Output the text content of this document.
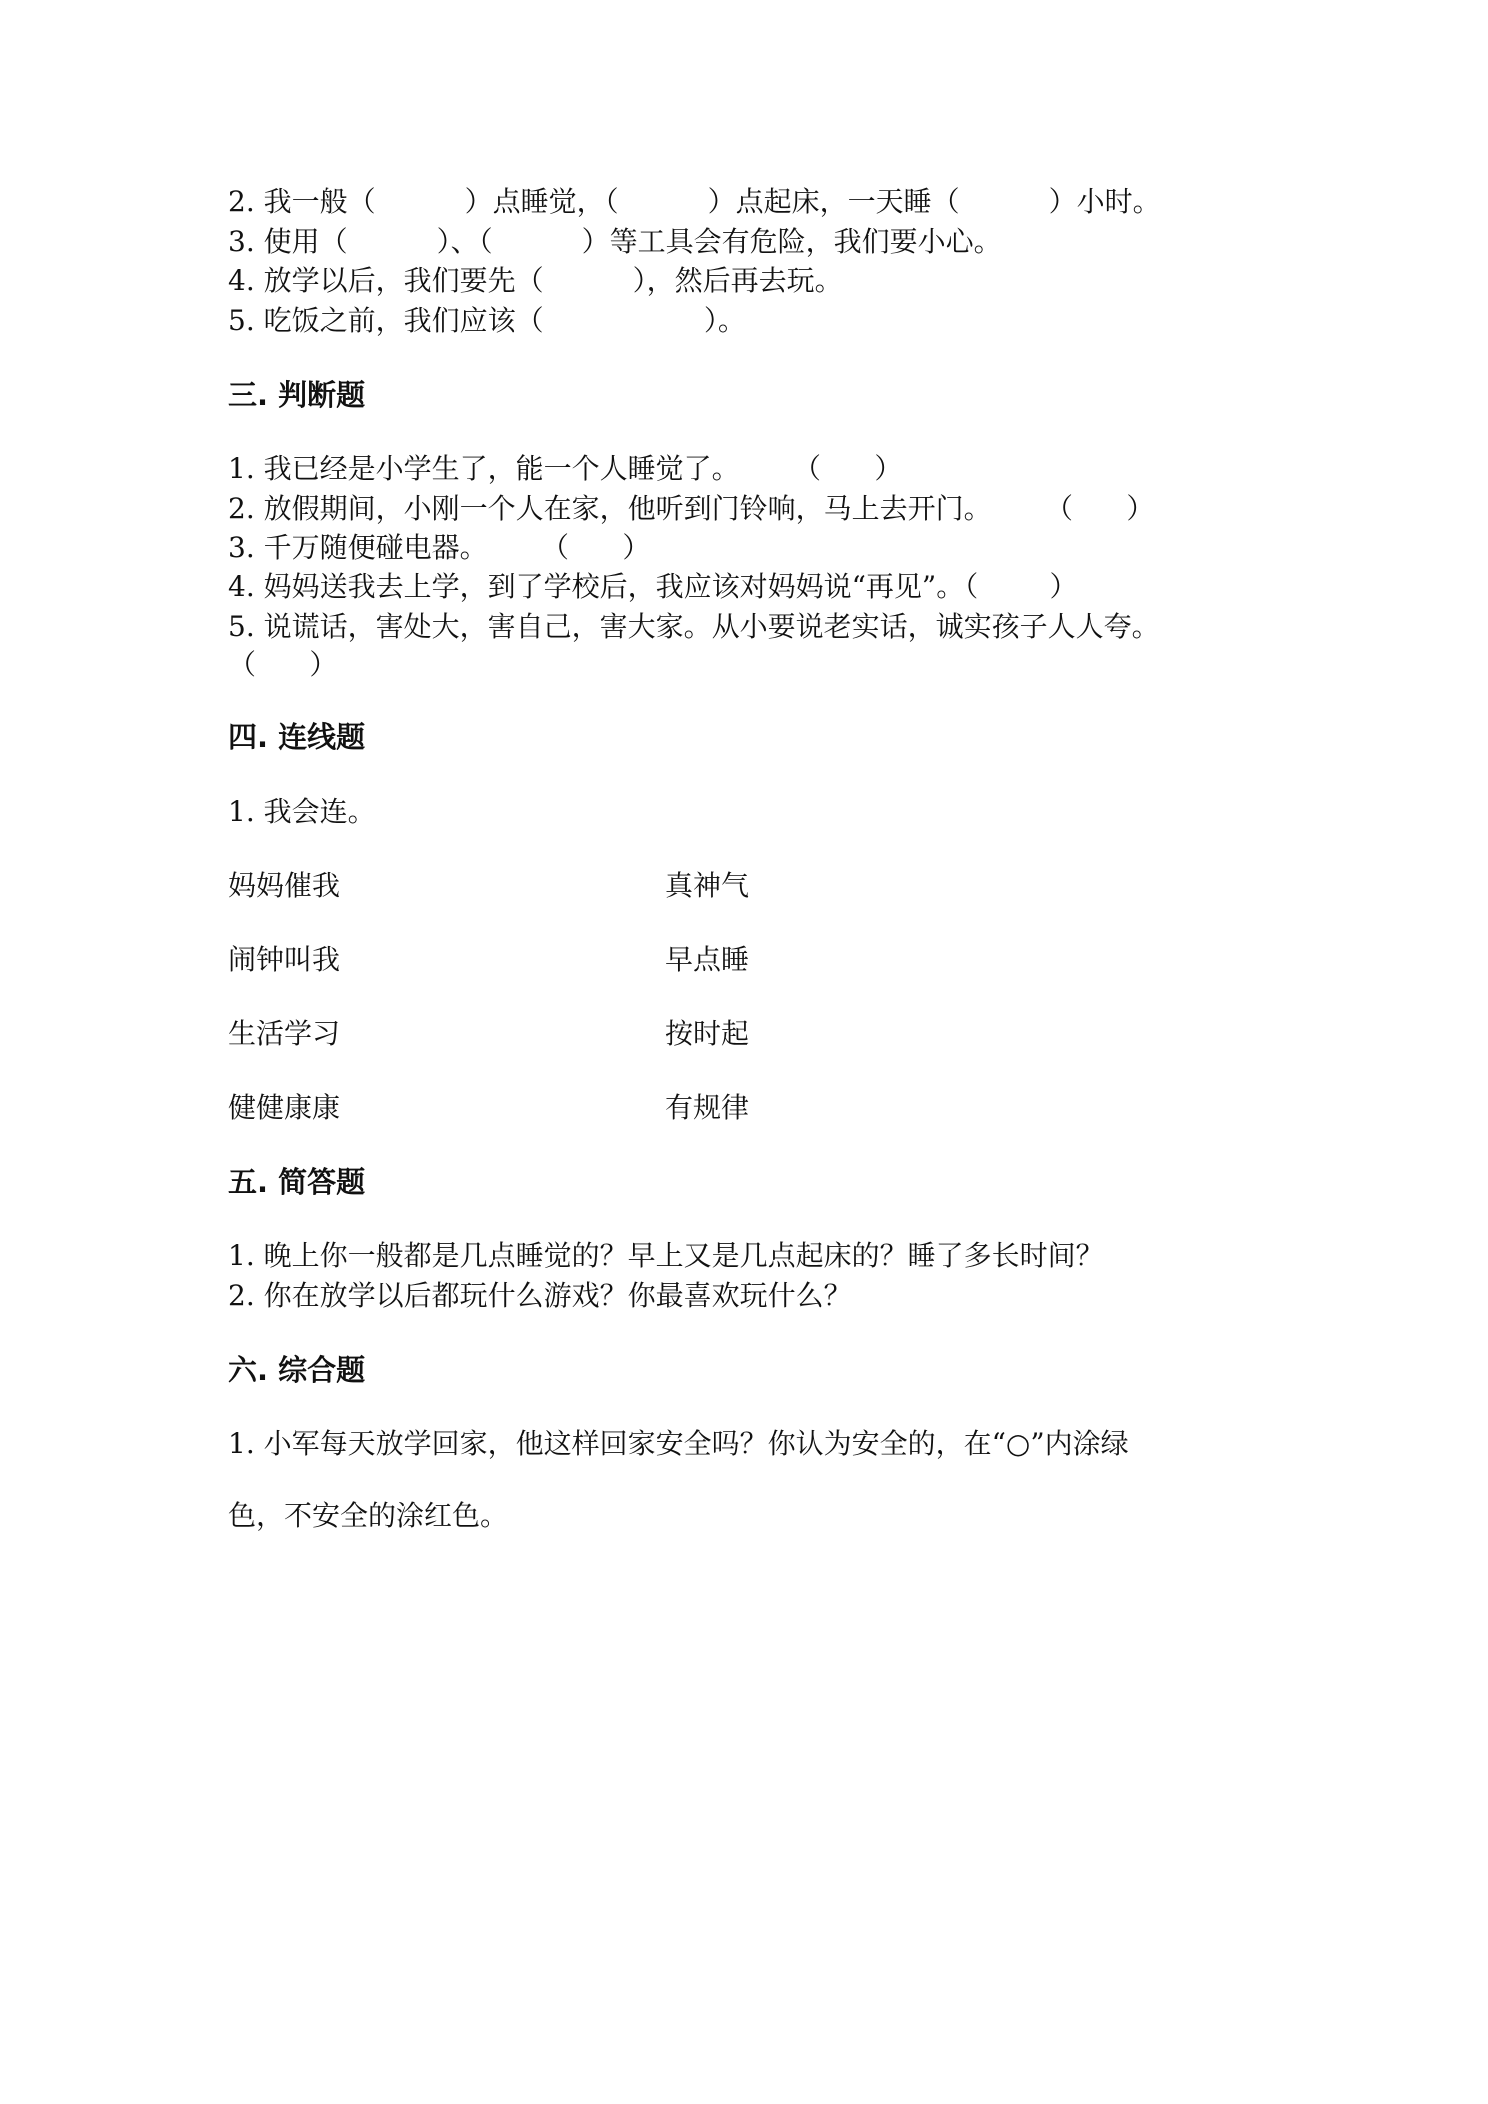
2. 我一般（          ）点睡觉，（          ）点起床，一天睡（          ）小时。
3. 使用（          ）、（          ）等工具会有危险，我们要小心。
4. 放学以后，我们要先（          ），然后再去玩。
5. 吃饭之前，我们应该（                  ）。
三. 判断题
1. 我已经是小学生了，能一个人睡觉了。      （      ）
2. 放假期间，小刚一个人在家，他听到门铃响，马上去开门。      （      ）
3. 千万随便碰电器。      （      ）
4. 妈妈送我去上学，到了学校后，我应该对妈妈说“再见”。（        ）
5. 说谎话，害处大，害自己，害大家。从小要说老实话，诚实孩子人人夸。
（      ）
四. 连线题
1. 我会连。
妈妈催我	真神气
闹钟叫我	早点睡
生活学习	按时起
健健康康	有规律
五. 简答题
1. 晚上你一般都是几点睡觉的？早上又是几点起床的？睡了多长时间？
2. 你在放学以后都玩什么游戏？你最喜欢玩什么？
六. 综合题
1. 小军每天放学回家，他这样回家安全吗？你认为安全的，在“○”内涂绿
色，不安全的涂红色。
